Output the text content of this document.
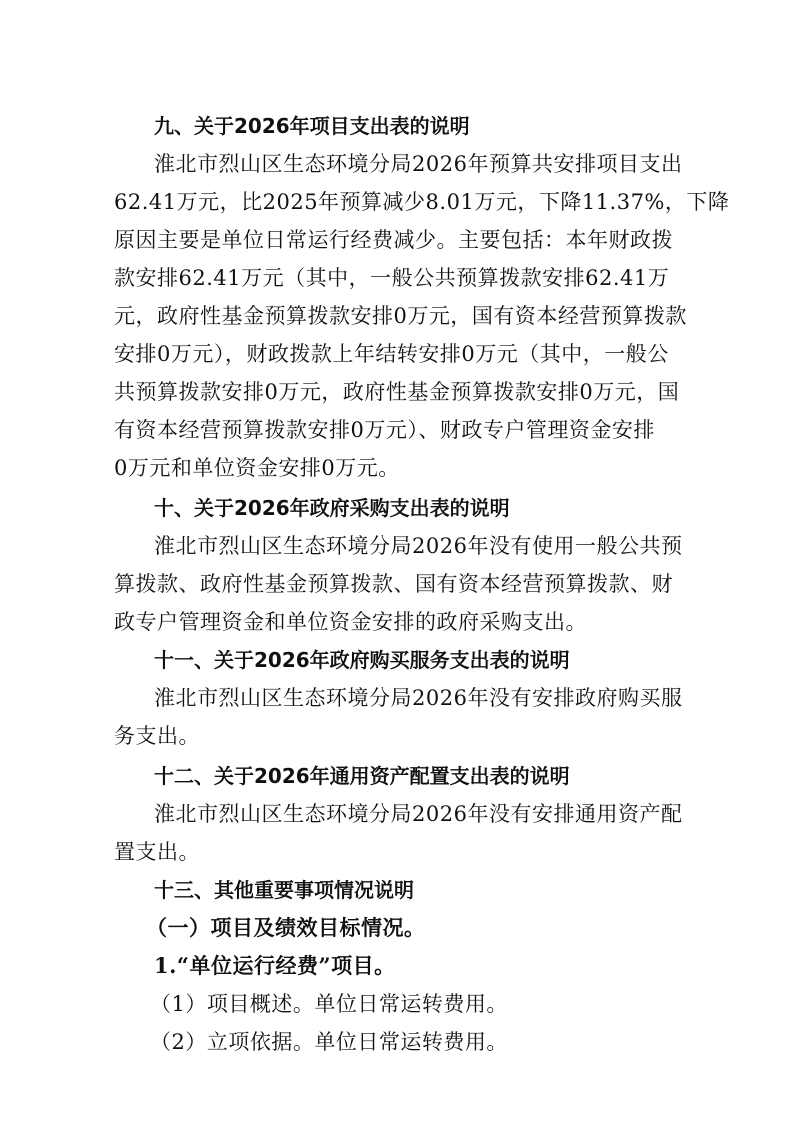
九、关于2026年项目支出表的说明
淮北市烈山区生态环境分局2026年预算共安排项目支出
62.41万元，比2025年预算减少8.01万元，下降11.37%，下降
原因主要是单位日常运行经费减少。主要包括：本年财政拨
款安排62.41万元（其中，一般公共预算拨款安排62.41万
元，政府性基金预算拨款安排0万元，国有资本经营预算拨款
安排0万元），财政拨款上年结转安排0万元（其中，一般公
共预算拨款安排0万元，政府性基金预算拨款安排0万元，国
有资本经营预算拨款安排0万元）、财政专户管理资金安排
0万元和单位资金安排0万元。
十、关于2026年政府采购支出表的说明
淮北市烈山区生态环境分局2026年没有使用一般公共预
算拨款、政府性基金预算拨款、国有资本经营预算拨款、财
政专户管理资金和单位资金安排的政府采购支出。
十一、关于2026年政府购买服务支出表的说明
淮北市烈山区生态环境分局2026年没有安排政府购买服
务支出。
十二、关于2026年通用资产配置支出表的说明
淮北市烈山区生态环境分局2026年没有安排通用资产配
置支出。
十三、其他重要事项情况说明
（一）项目及绩效目标情况。
1.“单位运行经费”项目。
（1）项目概述。单位日常运转费用。
（2）立项依据。单位日常运转费用。
